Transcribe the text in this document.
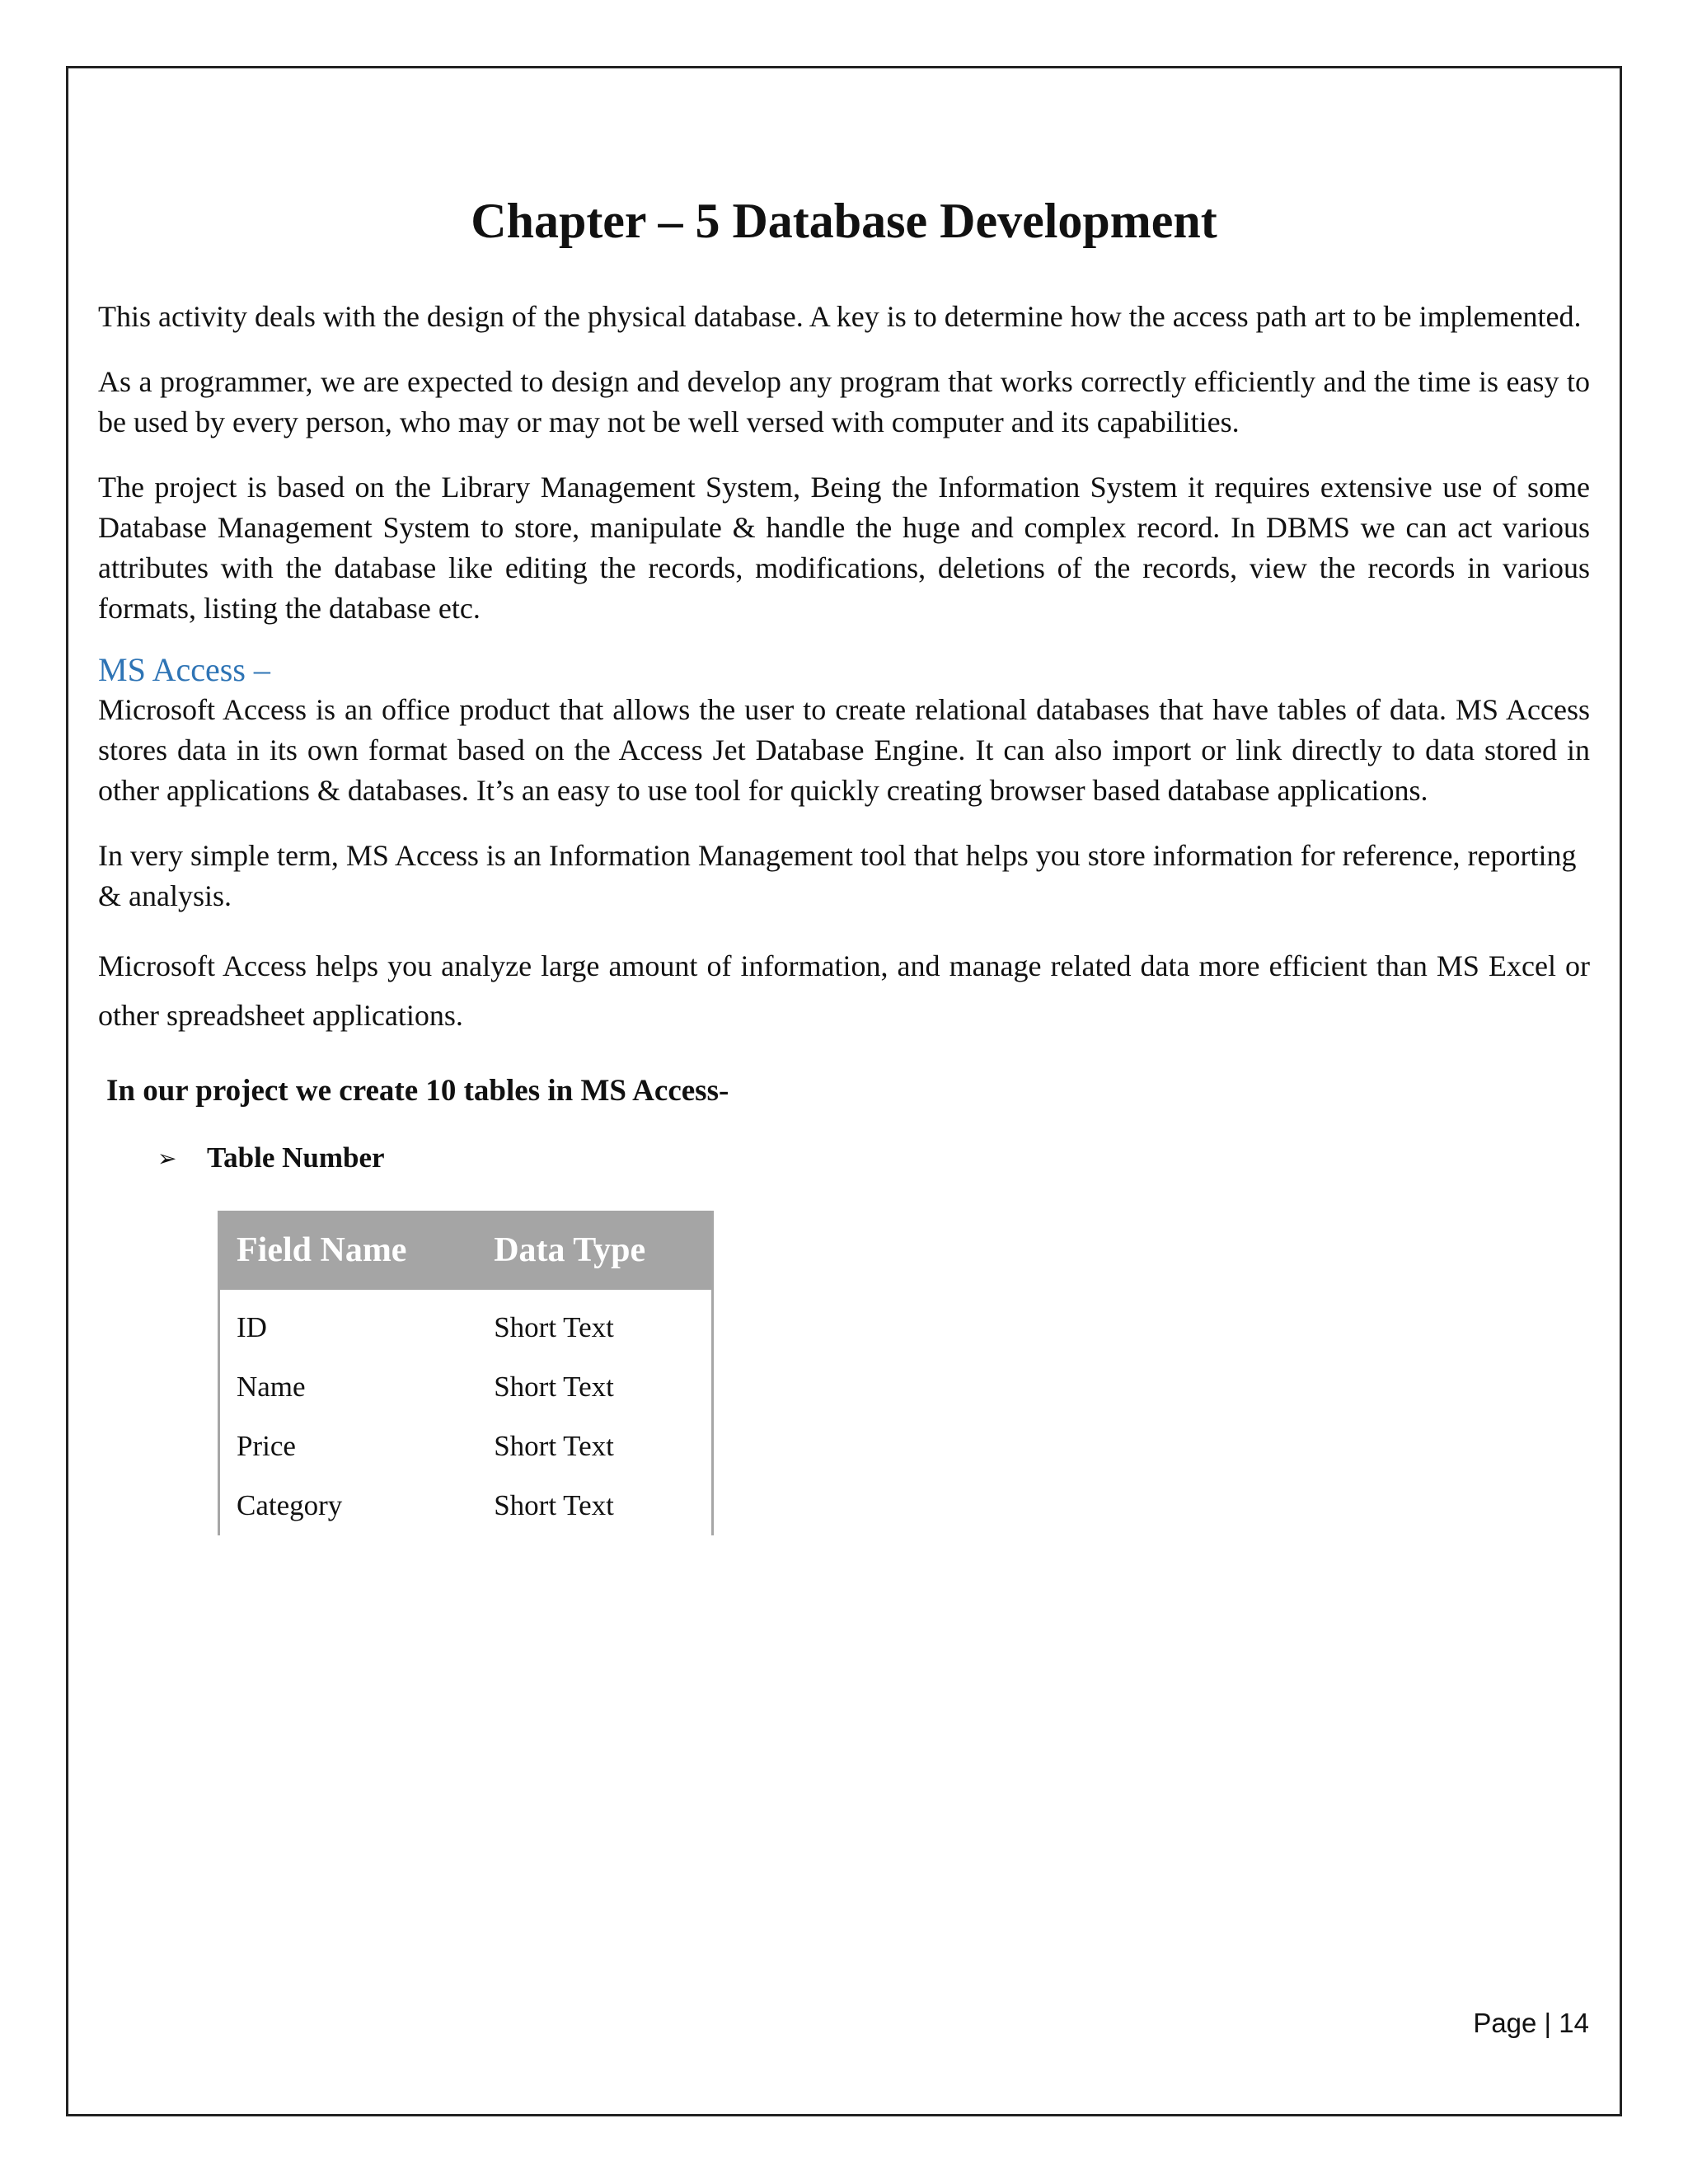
Chapter – 5 Database Development

This activity deals with the design of the physical database. A key is to determine how the access path art to be implemented.

As a programmer, we are expected to design and develop any program that works correctly efficiently and the time is easy to be used by every person, who may or may not be well versed with computer and its capabilities.

The project is based on the Library Management System, Being the Information System it requires extensive use of some Database Management System to store, manipulate & handle the huge and complex record. In DBMS we can act various attributes with the database like editing the records, modifications, deletions of the records, view the records in various formats, listing the database etc.

MS Access –

Microsoft Access is an office product that allows the user to create relational databases that have tables of data. MS Access stores data in its own format based on the Access Jet Database Engine. It can also import or link directly to data stored in other applications & databases. It’s an easy to use tool for quickly creating browser based database applications.

In very simple term, MS Access is an Information Management tool that helps you store information for reference, reporting & analysis.

Microsoft Access helps you analyze large amount of information, and manage related data more efficient than MS Excel or other spreadsheet applications.

In our project we create 10 tables in MS Access-
➢	Table Number
Field Name	Data Type
ID	Short Text
Name	Short Text
Price	Short Text
Category	Short Text
Page | 14
